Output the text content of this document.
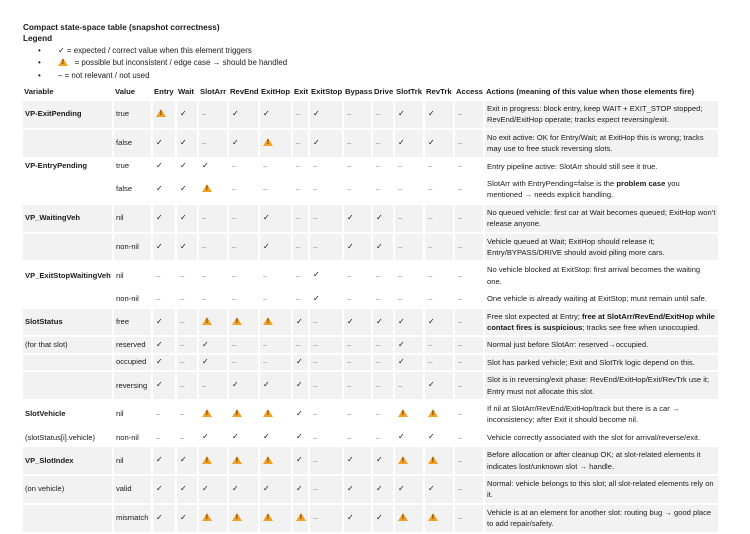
Compact state-space table (snapshot correctness)

Legend

• ✓ = expected / correct value when this element triggers
!   • = possible but inconsistent / edge case → should be handled
• – = not relevant / not used
Variable	Value	Entry	Wait	SlotArr	RevEnd	ExitHop	Exit	ExitStop	Bypass	Drive	SlotTrk	RevTrk	Access	Actions (meaning of this value when those elements fire)
VP-ExitPending	true	!	✓	–	✓	✓	–	✓	–	–	✓	✓	–	Exit in progress: block entry, keep WAIT + EXIT_STOP stopped; RevEnd/ExitHop operate; tracks expect reversing/exit.
	false	✓	✓	–	✓	!	–	✓	–	–	✓	✓	–	No exit active: OK for Entry/Wait; at ExitHop this is wrong; tracks may use to free stuck reversing slots.
VP-EntryPending	true	✓	✓	✓	–	–	–	–	–	–	–	–	–	Entry pipeline active: SlotArr should still see it true.
	false	✓	✓	!	–	–	–	–	–	–	–	–	–	SlotArr with EntryPending=false is the problem case you mentioned → needs explicit handling.
VP_WaitingVeh	nil	✓	✓	–	–	✓	–	–	✓	✓	–	–	–	No queued vehicle: first car at Wait becomes queued; ExitHop won’t release anyone.
	non-nil	✓	✓	–	–	✓	–	–	✓	✓	–	–	–	Vehicle queued at Wait; ExitHop should release it; Entry/BYPASS/DRIVE should avoid piling more cars.
VP_ExitStopWaitingVeh	nil	–	–	–	–	–	–	✓	–	–	–	–	–	No vehicle blocked at ExitStop: first arrival becomes the waiting one.
	non-nil	–	–	–	–	–	–	✓	–	–	–	–	–	One vehicle is already waiting at ExitStop; must remain until safe.
SlotStatus	free	✓	–	!	!	!	✓	–	✓	✓	✓	✓	–	Free slot expected at Entry; free at SlotArr/RevEnd/ExitHop while contact fires is suspicious; tracks see free when unoccupied.
(for that slot)	reserved	✓	–	✓	–	–	–	–	–	–	✓	–	–	Normal just before SlotArr: reserved→occupied.
	occupied	✓	–	✓	–	–	✓	–	–	–	✓	–	–	Slot has parked vehicle; Exit and SlotTrk logic depend on this.
	reversing	✓	–	–	✓	✓	✓	–	–	–	–	✓	–	Slot is in reversing/exit phase: RevEnd/ExitHop/Exit/RevTrk use it; Entry must not allocate this slot.
SlotVehicle	nil	–	–	!	!	!	✓	–	–	–	!	!	–	If nil at SlotArr/RevEnd/ExitHop/track but there is a car → inconsistency; after Exit it should become nil.
(slotStatus[i].vehicle)	non-nil	–	–	✓	✓	✓	✓	–	–	–	✓	✓	–	Vehicle correctly associated with the slot for arrival/reverse/exit.
VP_SlotIndex	nil	✓	✓	!	!	!	✓	–	✓	✓	!	!	–	Before allocation or after cleanup OK; at slot-related elements it indicates lost/unknown slot → handle.
(on vehicle)	valid	✓	✓	✓	✓	✓	✓	–	✓	✓	✓	✓	–	Normal: vehicle belongs to this slot; all slot-related elements rely on it.
	mismatch	✓	✓	!	!	!	!	–	✓	✓	!	!	–	Vehicle is at an element for another slot: routing bug → good place to add repair/safety.
